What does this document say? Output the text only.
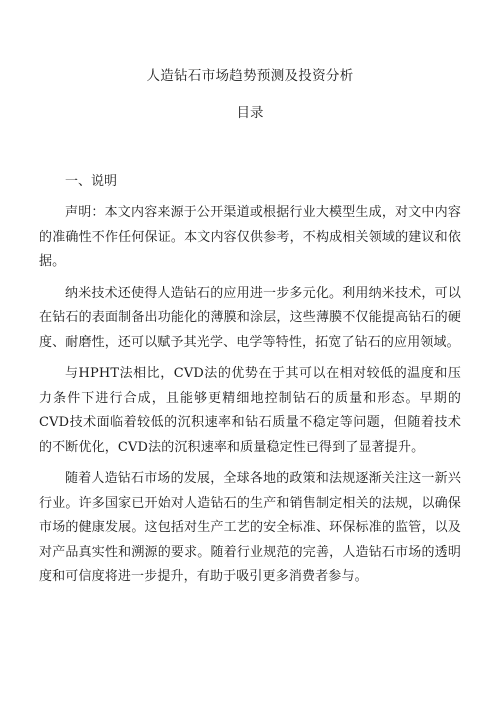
人造钻石市场趋势预测及投资分析
目录
一、说明

声明：本文内容来源于公开渠道或根据行业大模型生成，对文中内容的准确性不作任何保证。本文内容仅供参考，不构成相关领域的建议和依据。

纳米技术还使得人造钻石的应用进一步多元化。利用纳米技术，可以在钻石的表面制备出功能化的薄膜和涂层，这些薄膜不仅能提高钻石的硬度、耐磨性，还可以赋予其光学、电学等特性，拓宽了钻石的应用领域。

与HPHT法相比，CVD法的优势在于其可以在相对较低的温度和压力条件下进行合成，且能够更精细地控制钻石的质量和形态。早期的CVD技术面临着较低的沉积速率和钻石质量不稳定等问题，但随着技术的不断优化，CVD法的沉积速率和质量稳定性已得到了显著提升。

随着人造钻石市场的发展，全球各地的政策和法规逐渐关注这一新兴行业。许多国家已开始对人造钻石的生产和销售制定相关的法规，以确保市场的健康发展。这包括对生产工艺的安全标准、环保标准的监管，以及对产品真实性和溯源的要求。随着行业规范的完善，人造钻石市场的透明度和可信度将进一步提升，有助于吸引更多消费者参与。
